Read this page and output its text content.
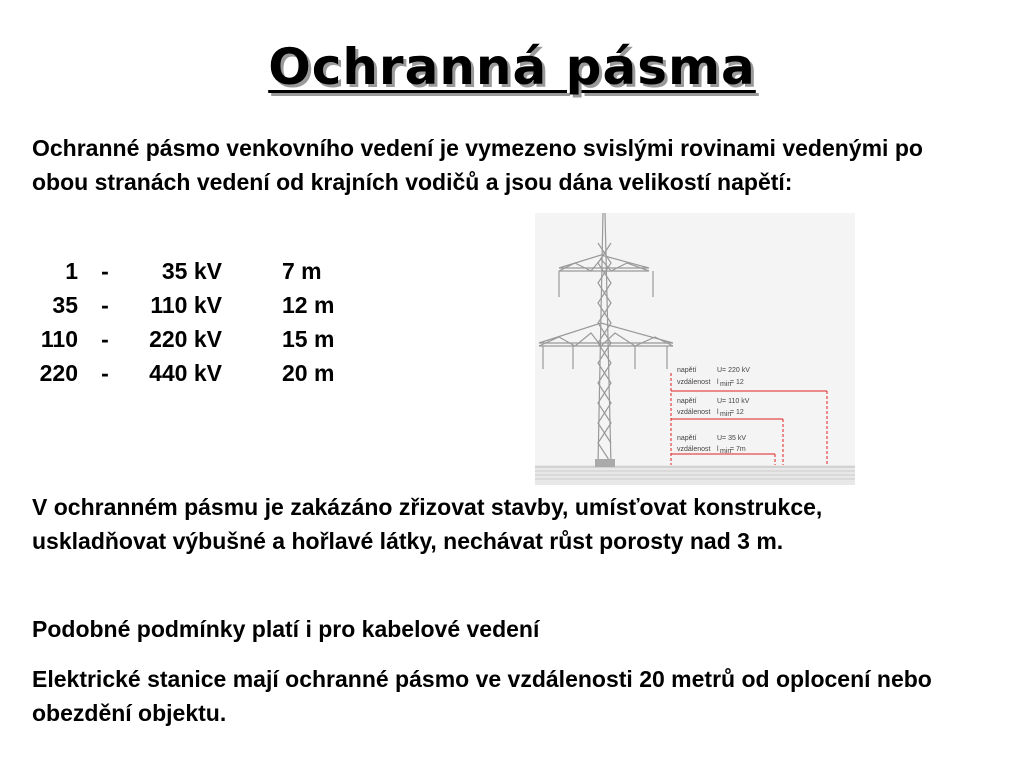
Ochranná pásma

Ochranné pásmo venkovního vedení je vymezeno svislými rovinami vedenými po obou stranách vedení od krajních vodičů a jsou dána velikostí napětí:

1	-	35 kV	7 m
35	-	110 kV	12 m
110	-	220 kV	15 m
220	-	440 kV	20 m	napětí	U= 220 kV
vzdálenost l min
= 12
napětí	U= 110 kV
vzdálenost l min
= 12
napětí	U= 35 kV
vzdálenost l min
= 7m

V ochranném pásmu je zakázáno zřizovat stavby, umísťovat konstrukce, uskladňovat výbušné a hořlavé látky, nechávat růst porosty nad 3 m.

Podobné podmínky platí i pro kabelové vedení

Elektrické stanice mají ochranné pásmo ve vzdálenosti 20 metrů od oplocení nebo obezdění objektu.
